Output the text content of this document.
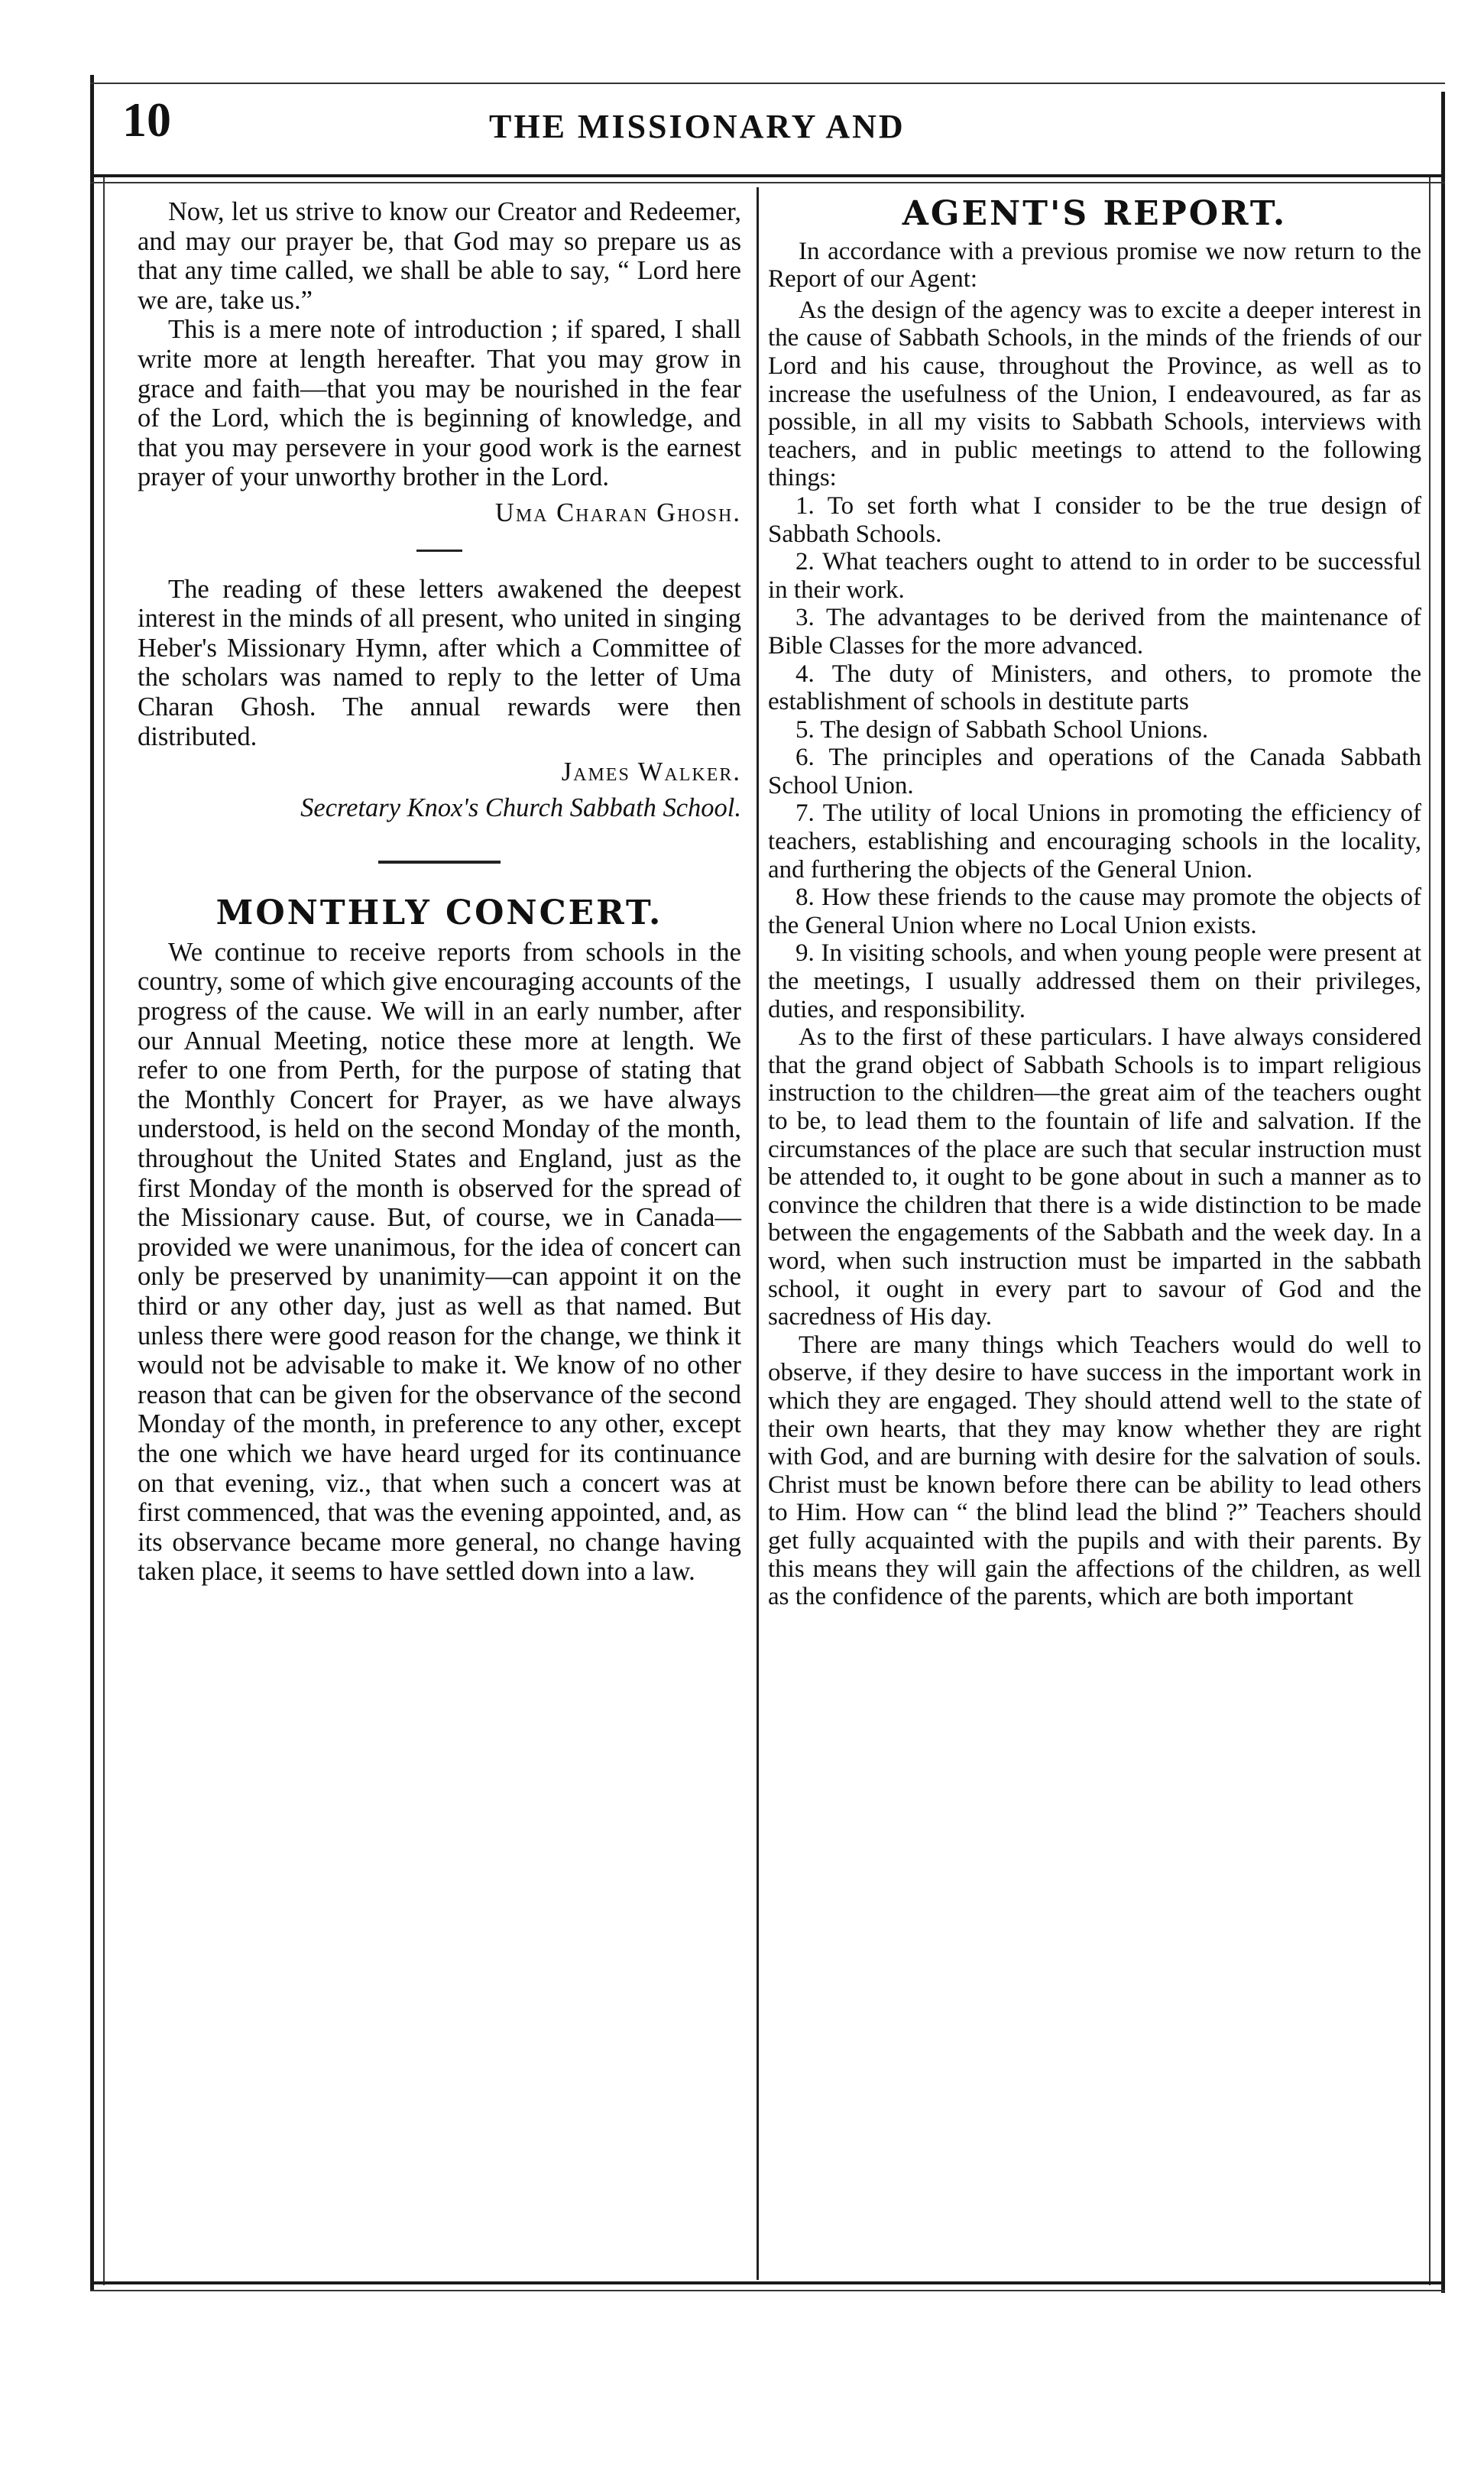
10	THE MISSIONARY AND

Now, let us strive to know our Creator and Redeemer, and may our prayer be, that God may so prepare us as that any time called, we shall be able to say, “ Lord here we are, take us.”

This is a mere note of introduction ; if spared, I shall write more at length hereafter. That you may grow in grace and faith—that you may be nourished in the fear of the Lord, which the is beginning of knowledge, and that you may persevere in your good work is the earnest prayer of your unworthy brother in the Lord.

Uma Charan Ghosh.

The reading of these letters awakened the deepest interest in the minds of all present, who united in singing Heber's Missionary Hymn, after which a Committee of the scholars was named to reply to the letter of Uma Charan Ghosh. The annual rewards were then distributed.

James Walker.

Secretary Knox's Church Sabbath School.

MONTHLY CONCERT.

We continue to receive reports from schools in the country, some of which give encouraging accounts of the progress of the cause. We will in an early number, after our Annual Meeting, notice these more at length. We refer to one from Perth, for the purpose of stating that the Monthly Concert for Prayer, as we have always understood, is held on the second Monday of the month, throughout the United States and England, just as the first Monday of the month is observed for the spread of the Missionary cause. But, of course, we in Canada—provided we were unanimous, for the idea of concert can only be preserved by unanimity—can appoint it on the third or any other day, just as well as that named. But unless there were good reason for the change, we think it would not be advisable to make it. We know of no other reason that can be given for the observance of the second Monday of the month, in preference to any other, except the one which we have heard urged for its continuance on that evening, viz., that when such a concert was at first commenced, that was the evening appointed, and, as its observance became more general, no change having taken place, it seems to have settled down into a law.

AGENT'S REPORT.

In accordance with a previous promise we now return to the Report of our Agent:

As the design of the agency was to excite a deeper interest in the cause of Sabbath Schools, in the minds of the friends of our Lord and his cause, throughout the Province, as well as to increase the usefulness of the Union, I endeavoured, as far as possible, in all my visits to Sabbath Schools, interviews with teachers, and in public meetings to attend to the following things:

1. To set forth what I consider to be the true design of Sabbath Schools.

2. What teachers ought to attend to in order to be successful in their work.

3. The advantages to be derived from the maintenance of Bible Classes for the more advanced.

4. The duty of Ministers, and others, to promote the establishment of schools in destitute parts

5. The design of Sabbath School Unions.

6. The principles and operations of the Canada Sabbath School Union.

7. The utility of local Unions in promoting the efficiency of teachers, establishing and encouraging schools in the locality, and furthering the objects of the General Union.

8. How these friends to the cause may promote the objects of the General Union where no Local Union exists.

9. In visiting schools, and when young people were present at the meetings, I usually addressed them on their privileges, duties, and responsibility.

As to the first of these particulars. I have always considered that the grand object of Sabbath Schools is to impart religious instruction to the children—the great aim of the teachers ought to be, to lead them to the fountain of life and salvation. If the circumstances of the place are such that secular instruction must be attended to, it ought to be gone about in such a manner as to convince the children that there is a wide distinction to be made between the engagements of the Sabbath and the week day. In a word, when such instruction must be imparted in the sabbath school, it ought in every part to savour of God and the sacredness of His day.

There are many things which Teachers would do well to observe, if they desire to have success in the important work in which they are engaged. They should attend well to the state of their own hearts, that they may know whether they are right with God, and are burning with desire for the salvation of souls. Christ must be known before there can be ability to lead others to Him. How can “ the blind lead the blind ?” Teachers should get fully acquainted with the pupils and with their parents. By this means they will gain the affections of the children, as well as the confidence of the parents, which are both important
